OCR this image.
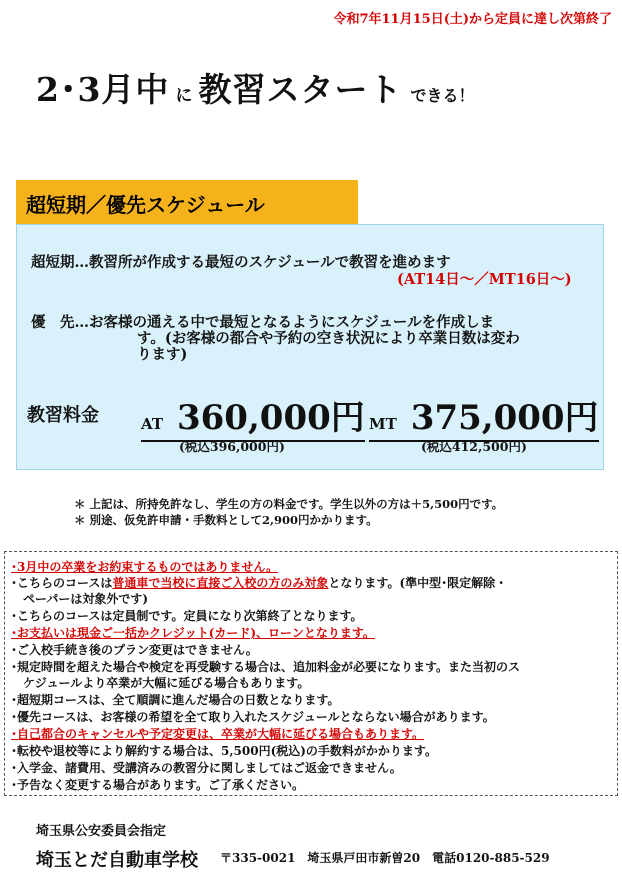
令和7年11月15日(土)から定員に達し次第終了
2･3月中 に 教習スタート できる！
超短期／優先スケジュール
超短期…教習所が作成する最短のスケジュールで教習を進めます
(AT14日～／MT16日～)
優　先…お客様の通える中で最短となるようにスケジュールを作成しま
す。(お客様の都合や予約の空き状況により卒業日数は変わ
ります)
教習料金	AT 360,000円 MT 375,000円
(税込396,000円)	(税込412,500円)
＊ 上記は、所持免許なし、学生の方の料金です。学生以外の方は＋5,500円です。
＊ 別途、仮免許申請・手数料として2,900円かかります。
･3月中の卒業をお約束するものではありません。
･こちらのコースは普通車で当校に直接ご入校の方のみ対象となります。(準中型･限定解除・
ペーパーは対象外です)
･こちらのコースは定員制です。定員になり次第終了となります。
･お支払いは現金ご一括かクレジット(カード)、ローンとなります。
･ご入校手続き後のプラン変更はできません。
･規定時間を超えた場合や検定を再受験する場合は、追加料金が必要になります。また当初のス
ケジュールより卒業が大幅に延びる場合もあります。
･超短期コースは、全て順調に進んだ場合の日数となります。
･優先コースは、お客様の希望を全て取り入れたスケジュールとならない場合があります。
･自己都合のキャンセルや予定変更は、卒業が大幅に延びる場合もあります。
･転校や退校等により解約する場合は、5,500円(税込)の手数料がかかります。
･入学金、諸費用、受講済みの教習分に関しましてはご返金できません。
･予告なく変更する場合があります。ご了承ください。
埼玉県公安委員会指定
埼玉とだ自動車学校 〒335-0021　埼玉県戸田市新曽20　電話0120-885-529
